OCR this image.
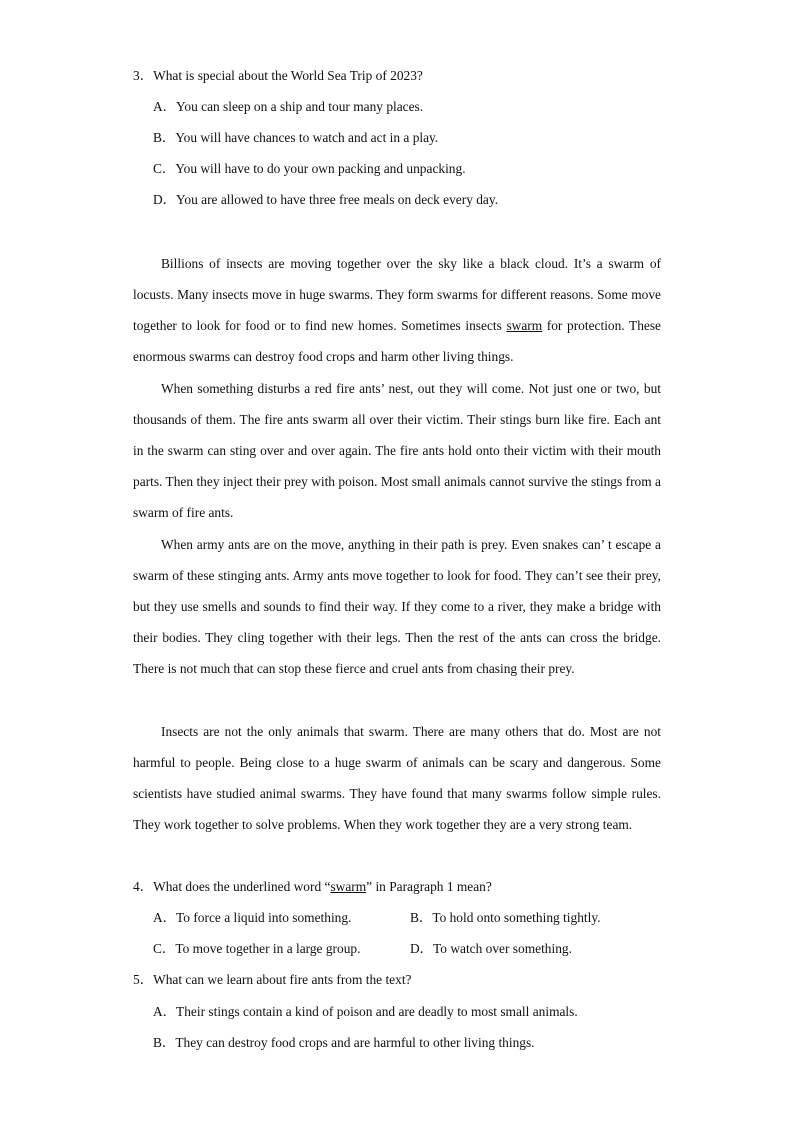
3．What is special about the World Sea Trip of 2023?
A．You can sleep on a ship and tour many places.
B．You will have chances to watch and act in a play.
C．You will have to do your own packing and unpacking.
D．You are allowed to have three free meals on deck every day.
Billions of insects are moving together over the sky like a black cloud. It’s a swarm of locusts. Many insects move in huge swarms. They form swarms for different reasons. Some move together to look for food or to find new homes. Sometimes insects swarm for protection. These enormous swarms can destroy food crops and harm other living things.
When something disturbs a red fire ants’ nest, out they will come. Not just one or two, but thousands of them. The fire ants swarm all over their victim. Their stings burn like fire. Each ant in the swarm can sting over and over again. The fire ants hold onto their victim with their mouth parts. Then they inject their prey with poison. Most small animals cannot survive the stings from a swarm of fire ants.
When army ants are on the move, anything in their path is prey. Even snakes can’ t escape a swarm of these stinging ants. Army ants move together to look for food. They can’t see their prey, but they use smells and sounds to find their way. If they come to a river, they make a bridge with their bodies. They cling together with their legs. Then the rest of the ants can cross the bridge. There is not much that can stop these fierce and cruel ants from chasing their prey.
Insects are not the only animals that swarm. There are many others that do. Most are not harmful to people. Being close to a huge swarm of animals can be scary and dangerous. Some scientists have studied animal swarms. They have found that many swarms follow simple rules. They work together to solve problems. When they work together they are a very strong team.
4．What does the underlined word “swarm” in Paragraph 1 mean?
A．To force a liquid into something.	B．To hold onto something tightly.
C．To move together in a large group.	D．To watch over something.
5．What can we learn about fire ants from the text?
A．Their stings contain a kind of poison and are deadly to most small animals.
B．They can destroy food crops and are harmful to other living things.
